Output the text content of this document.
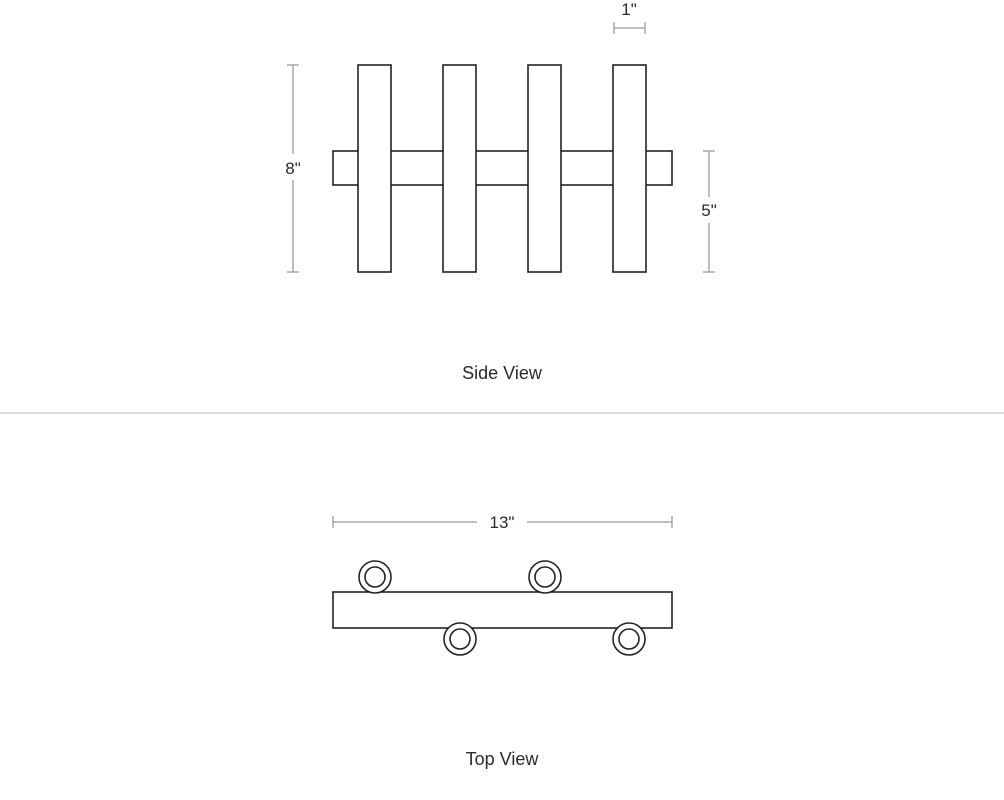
1"
8"
5"
Side View
13"
Top View
